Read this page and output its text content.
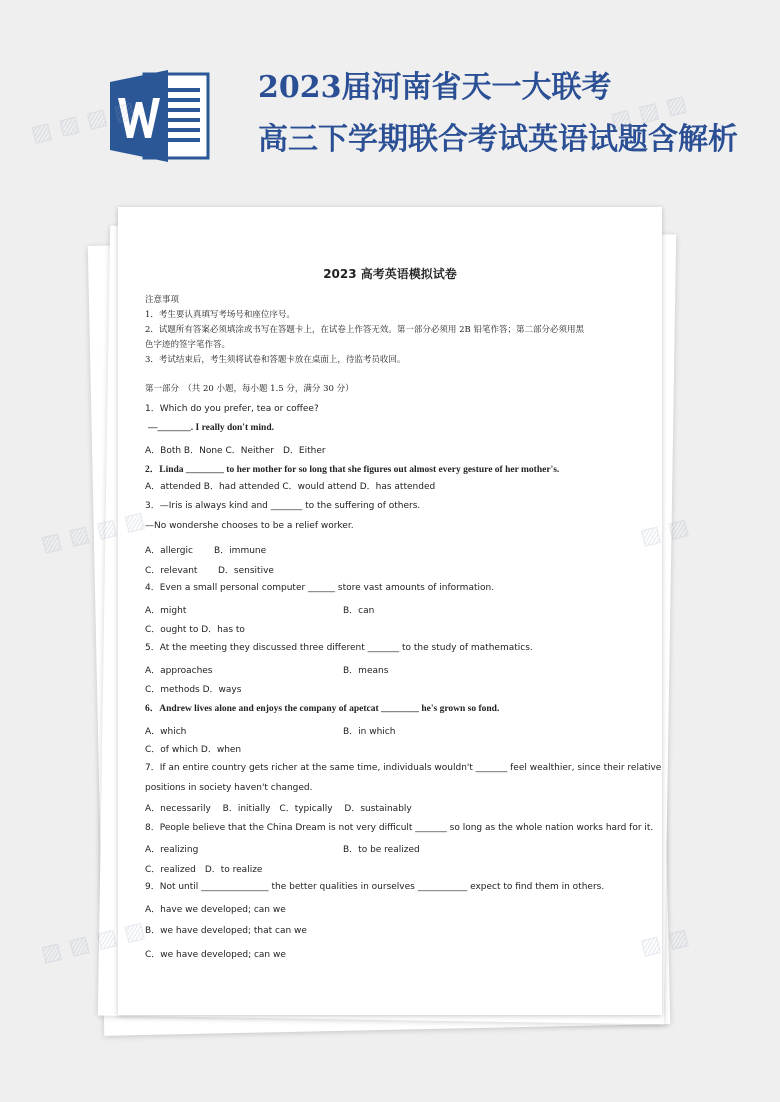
2023届河南省天一大联考
高三下学期联合考试英语试题含解析
2023 高考英语模拟试卷
注意事项
1．考生要认真填写考场号和座位序号。
2．试题所有答案必须填涂或书写在答题卡上，在试卷上作答无效。第一部分必须用 2B 铅笔作答；第二部分必须用黑
色字迹的签字笔作答。
3．考试结束后，考生须将试卷和答题卡放在桌面上，待监考员收回。
第一部分　（共 20 小题，每小题 1.5 分，满分 30 分）
1．Which do you prefer, tea or coffee?
—_______. I really don't mind.
A．Both B．None C．Neither　D．Either
2．Linda ________ to her mother for so long that she figures out almost every gesture of her mother's.
A．attended B．had attended C．would attend D．has attended
3．—Iris is always kind and _______ to the suffering of others.
—No wondershe chooses to be a relief worker.
A．allergic B．immune
C．relevant D．sensitive
4．Even a small personal computer ______ store vast amounts of information.
A．might	B．can
C．ought to D．has to
5．At the meeting they discussed three different _______ to the study of mathematics.
A．approaches	B．means
C．methods D．ways
6．Andrew lives alone and enjoys the company of apetcat ________ he's grown so fond.
A．which	B．in which
C．of which D．when
7．If an entire country gets richer at the same time, individuals wouldn't _______ feel wealthier, since their relative
positions in society haven't changed.
A．necessarily　 B．initially　C．typically　 D．sustainably
8．People believe that the China Dream is not very difficult _______ so long as the whole nation works hard for it.
A．realizing	B．to be realized
C．realized　D．to realize
9．Not until _______________ the better qualities in ourselves ___________ expect to find them in others.
A．have we developed; can we
B．we have developed; that can we
C．we have developed; can we
▨ ▨ ▨ ▨	▨ ▨ ▨
▨ ▨ ▨ ▨	▨ ▨
▨ ▨ ▨ ▨	▨ ▨
